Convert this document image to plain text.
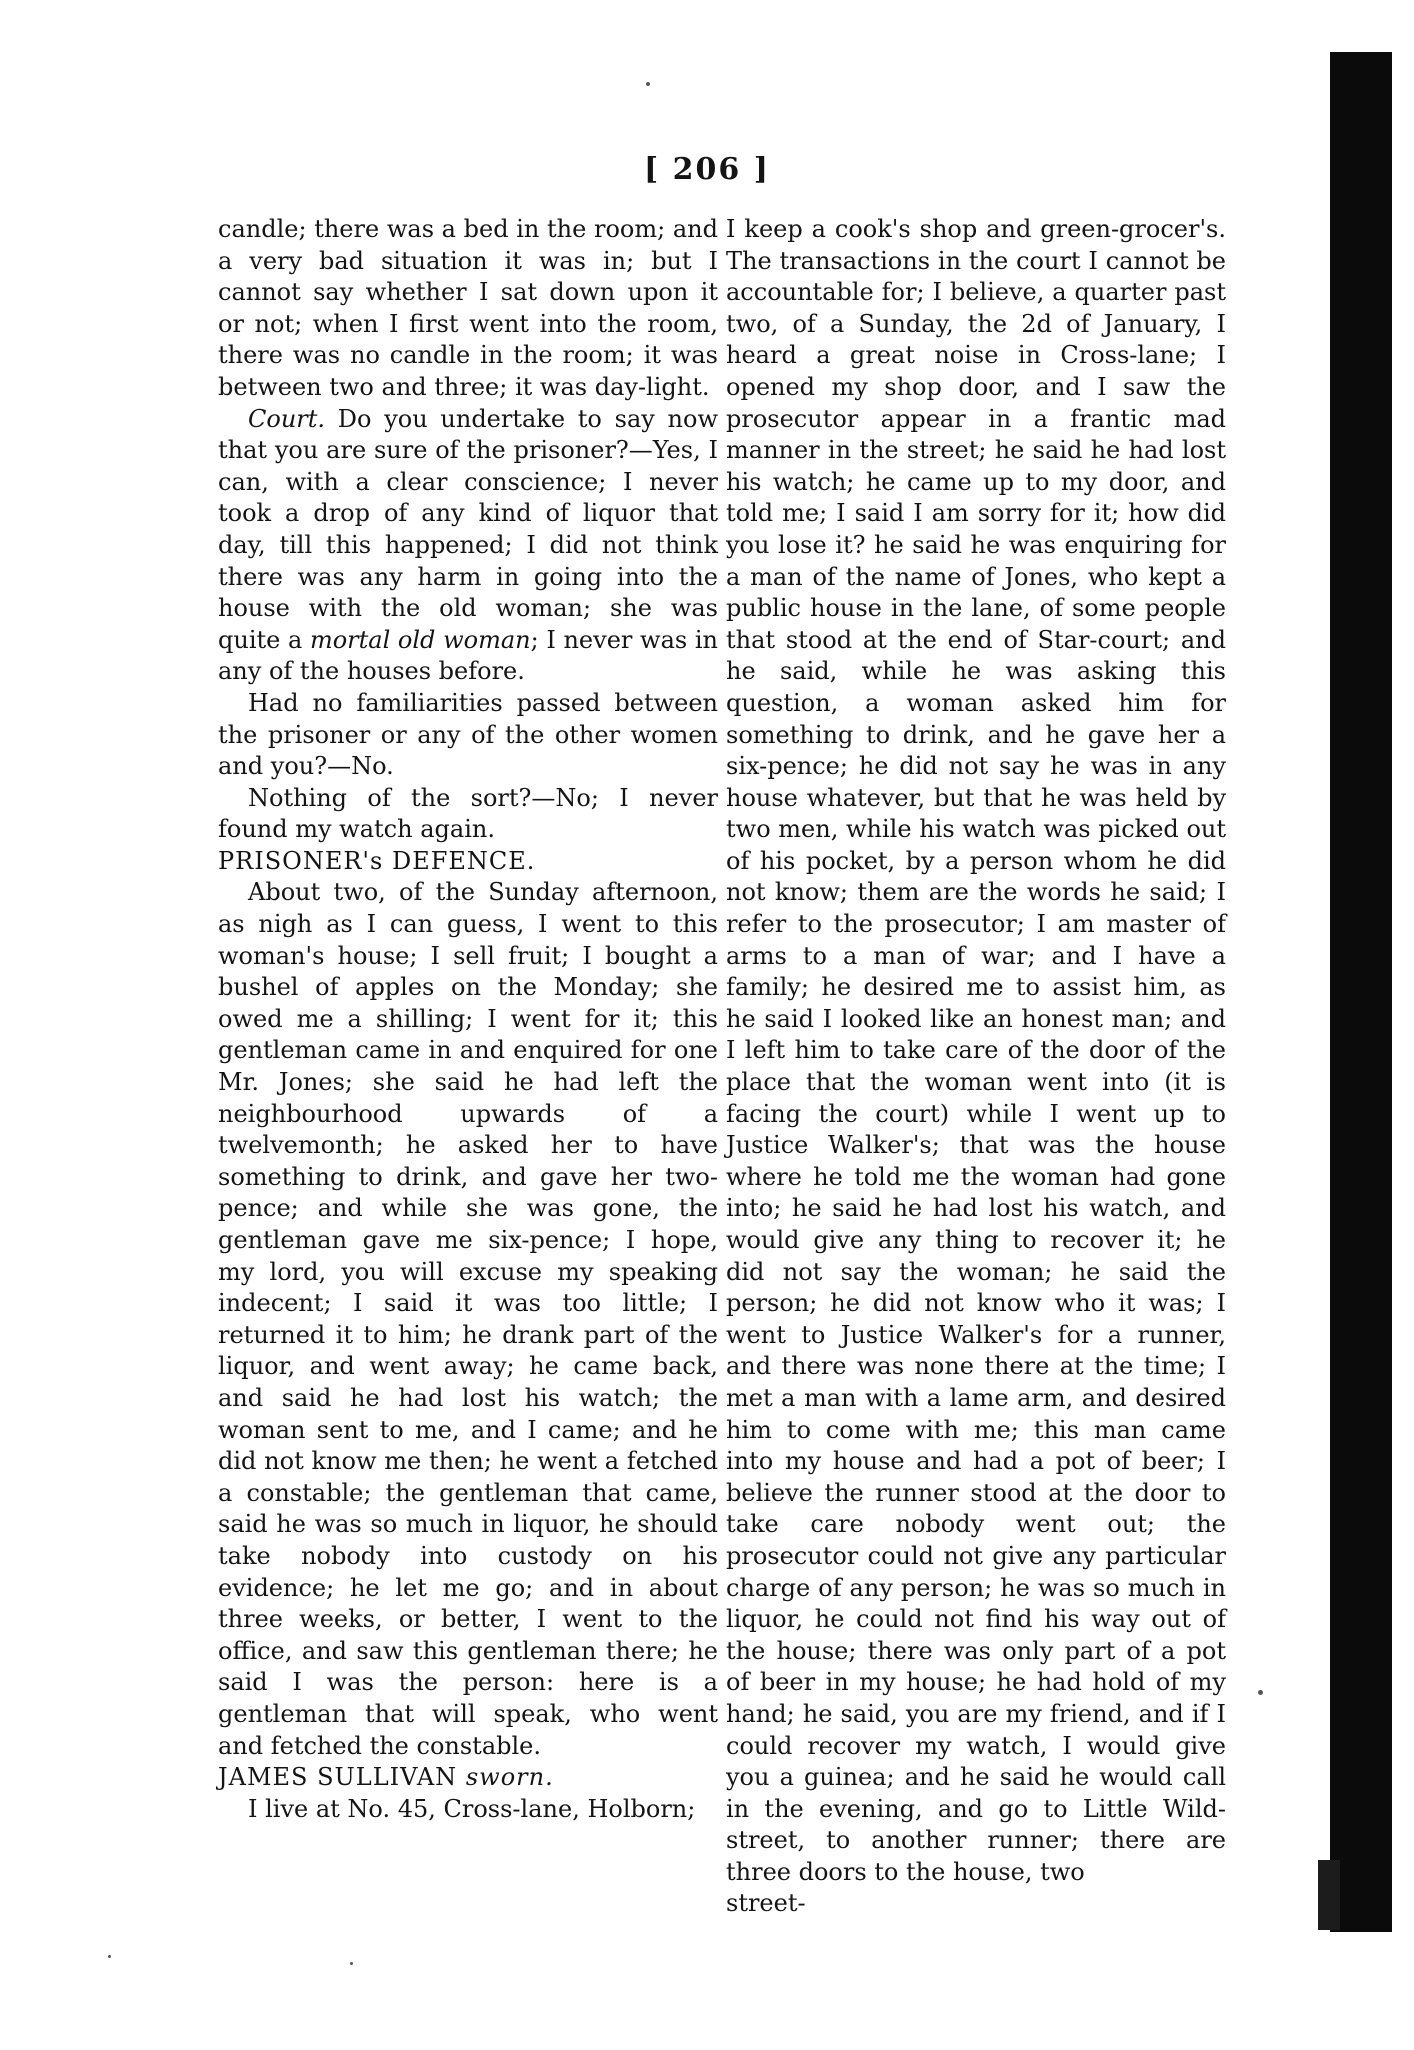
[ 206 ]

candle; there was a bed in the room; and a very bad situation it was in; but I cannot say whether I sat down upon it or not; when I first went into the room, there was no candle in the room; it was between two and three; it was day-light.

Court. Do you undertake to say now that you are sure of the prisoner?—Yes, I can, with a clear conscience; I never took a drop of any kind of liquor that day, till this happened; I did not think there was any harm in going into the house with the old woman; she was quite a mortal old woman; I never was in any of the houses before.

Had no familiarities passed between the prisoner or any of the other women and you?—No.

Nothing of the sort?—No; I never found my watch again.

PRISONER's DEFENCE.

About two, of the Sunday afternoon, as nigh as I can guess, I went to this woman's house; I sell fruit; I bought a bushel of apples on the Monday; she owed me a shilling; I went for it; this gentleman came in and enquired for one Mr. Jones; she said he had left the neighbourhood upwards of a twelvemonth; he asked her to have something to drink, and gave her two-pence; and while she was gone, the gentleman gave me six-pence; I hope, my lord, you will excuse my speaking indecent; I said it was too little; I returned it to him; he drank part of the liquor, and went away; he came back, and said he had lost his watch; the woman sent to me, and I came; and he did not know me then; he went a fetched a constable; the gentleman that came, said he was so much in liquor, he should take nobody into custody on his evidence; he let me go; and in about three weeks, or better, I went to the office, and saw this gentleman there; he said I was the person: here is a gentleman that will speak, who went and fetched the constable.

JAMES SULLIVAN sworn.

I live at No. 45, Cross-lane, Holborn;

I keep a cook's shop and green-grocer's. The transactions in the court I cannot be accountable for; I believe, a quarter past two, of a Sunday, the 2d of January, I heard a great noise in Cross-lane; I opened my shop door, and I saw the prosecutor appear in a frantic mad manner in the street; he said he had lost his watch; he came up to my door, and told me; I said I am sorry for it; how did you lose it? he said he was enquiring for a man of the name of Jones, who kept a public house in the lane, of some people that stood at the end of Star-court; and he said, while he was asking this question, a woman asked him for something to drink, and he gave her a six-pence; he did not say he was in any house whatever, but that he was held by two men, while his watch was picked out of his pocket, by a person whom he did not know; them are the words he said; I refer to the prosecutor; I am master of arms to a man of war; and I have a family; he desired me to assist him, as he said I looked like an honest man; and I left him to take care of the door of the place that the woman went into (it is facing the court) while I went up to Justice Walker's; that was the house where he told me the woman had gone into; he said he had lost his watch, and would give any thing to recover it; he did not say the woman; he said the person; he did not know who it was; I went to Justice Walker's for a runner, and there was none there at the time; I met a man with a lame arm, and desired him to come with me; this man came into my house and had a pot of beer; I believe the runner stood at the door to take care nobody went out; the prosecutor could not give any particular charge of any person; he was so much in liquor, he could not find his way out of the house; there was only part of a pot of beer in my house; he had hold of my hand; he said, you are my friend, and if I could recover my watch, I would give you a guinea; and he said he would call in the evening, and go to Little Wild-street, to another runner; there are three doors to the house, two

street-
